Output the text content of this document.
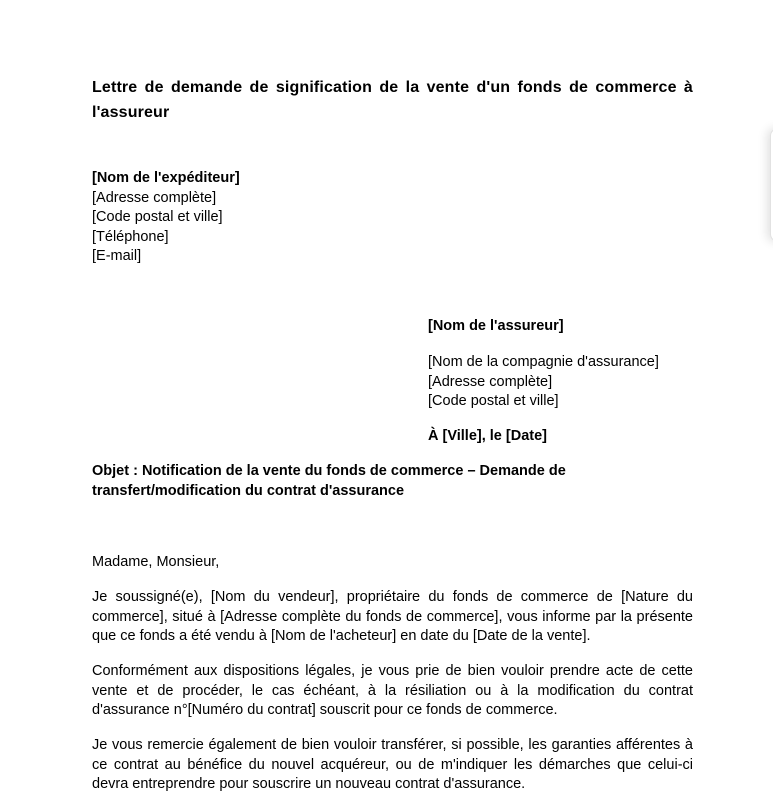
Lettre de demande de signification de la vente d'un fonds de commerce à l'assureur
[Nom de l'expéditeur]
[Adresse complète]
[Code postal et ville]
[Téléphone]
[E-mail]
[Nom de l'assureur]
[Nom de la compagnie d'assurance]
[Adresse complète]
[Code postal et ville]
À [Ville], le [Date]
Objet : Notification de la vente du fonds de commerce – Demande de transfert/modification du contrat d'assurance
Madame, Monsieur,
Je soussigné(e), [Nom du vendeur], propriétaire du fonds de commerce de [Nature du commerce], situé à [Adresse complète du fonds de commerce], vous informe par la présente que ce fonds a été vendu à [Nom de l'acheteur] en date du [Date de la vente].
Conformément aux dispositions légales, je vous prie de bien vouloir prendre acte de cette vente et de procéder, le cas échéant, à la résiliation ou à la modification du contrat d'assurance n°[Numéro du contrat] souscrit pour ce fonds de commerce.
Je vous remercie également de bien vouloir transférer, si possible, les garanties afférentes à ce contrat au bénéfice du nouvel acquéreur, ou de m'indiquer les démarches que celui-ci devra entreprendre pour souscrire un nouveau contrat d'assurance.
